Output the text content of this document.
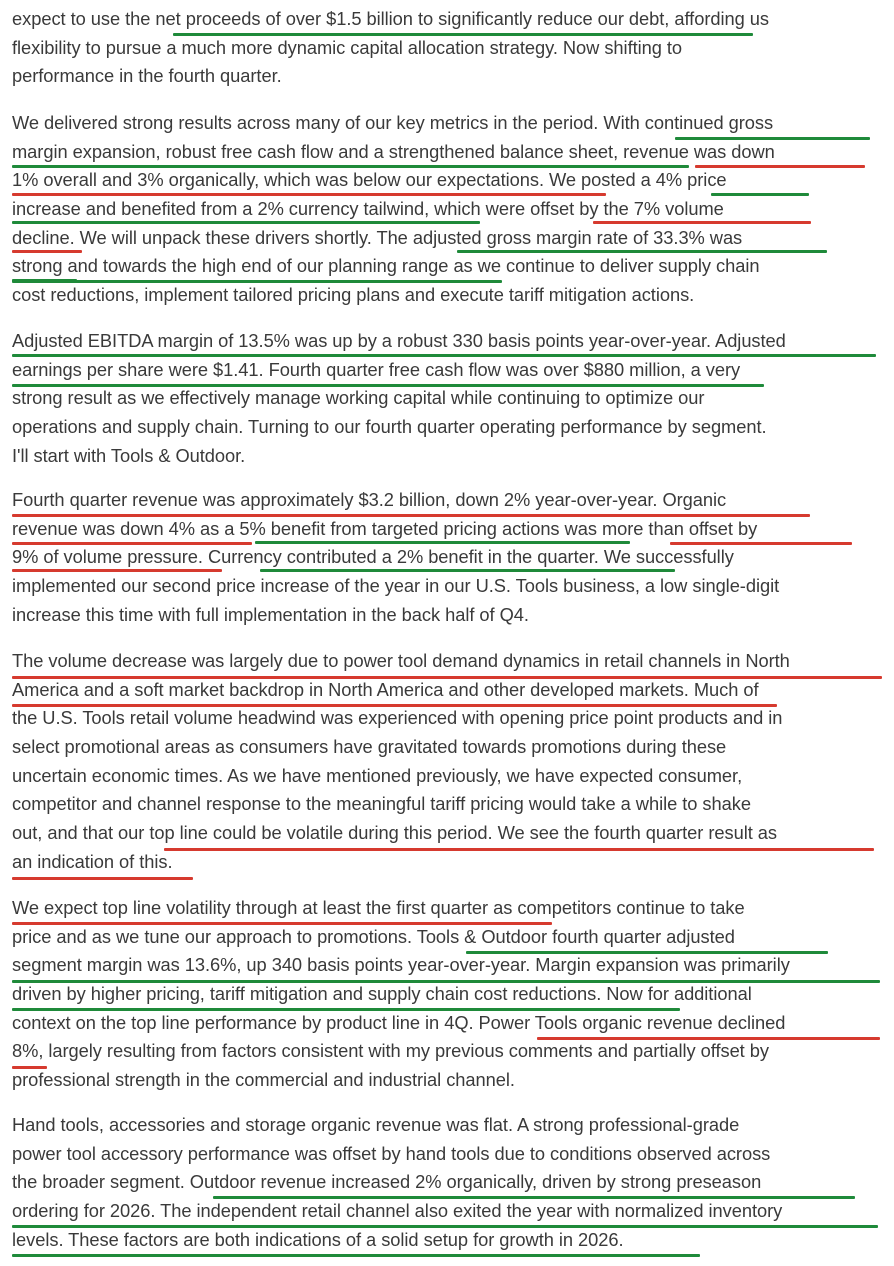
expect to use the net proceeds of over $1.5 billion to significantly reduce our debt, affording us
flexibility to pursue a much more dynamic capital allocation strategy. Now shifting to
performance in the fourth quarter.
We delivered strong results across many of our key metrics in the period. With continued gross
margin expansion, robust free cash flow and a strengthened balance sheet, revenue was down
1% overall and 3% organically, which was below our expectations. We posted a 4% price
increase and benefited from a 2% currency tailwind, which were offset by the 7% volume
decline. We will unpack these drivers shortly. The adjusted gross margin rate of 33.3% was
strong and towards the high end of our planning range as we continue to deliver supply chain
cost reductions, implement tailored pricing plans and execute tariff mitigation actions.
Adjusted EBITDA margin of 13.5% was up by a robust 330 basis points year-over-year. Adjusted
earnings per share were $1.41. Fourth quarter free cash flow was over $880 million, a very
strong result as we effectively manage working capital while continuing to optimize our
operations and supply chain. Turning to our fourth quarter operating performance by segment.
I'll start with Tools & Outdoor.
Fourth quarter revenue was approximately $3.2 billion, down 2% year-over-year. Organic
revenue was down 4% as a 5% benefit from targeted pricing actions was more than offset by
9% of volume pressure. Currency contributed a 2% benefit in the quarter. We successfully
implemented our second price increase of the year in our U.S. Tools business, a low single-digit
increase this time with full implementation in the back half of Q4.
The volume decrease was largely due to power tool demand dynamics in retail channels in North
America and a soft market backdrop in North America and other developed markets. Much of
the U.S. Tools retail volume headwind was experienced with opening price point products and in
select promotional areas as consumers have gravitated towards promotions during these
uncertain economic times. As we have mentioned previously, we have expected consumer,
competitor and channel response to the meaningful tariff pricing would take a while to shake
out, and that our top line could be volatile during this period. We see the fourth quarter result as
an indication of this.
We expect top line volatility through at least the first quarter as competitors continue to take
price and as we tune our approach to promotions. Tools & Outdoor fourth quarter adjusted
segment margin was 13.6%, up 340 basis points year-over-year. Margin expansion was primarily
driven by higher pricing, tariff mitigation and supply chain cost reductions. Now for additional
context on the top line performance by product line in 4Q. Power Tools organic revenue declined
8%, largely resulting from factors consistent with my previous comments and partially offset by
professional strength in the commercial and industrial channel.
Hand tools, accessories and storage organic revenue was flat. A strong professional-grade
power tool accessory performance was offset by hand tools due to conditions observed across
the broader segment. Outdoor revenue increased 2% organically, driven by strong preseason
ordering for 2026. The independent retail channel also exited the year with normalized inventory
levels. These factors are both indications of a solid setup for growth in 2026.
